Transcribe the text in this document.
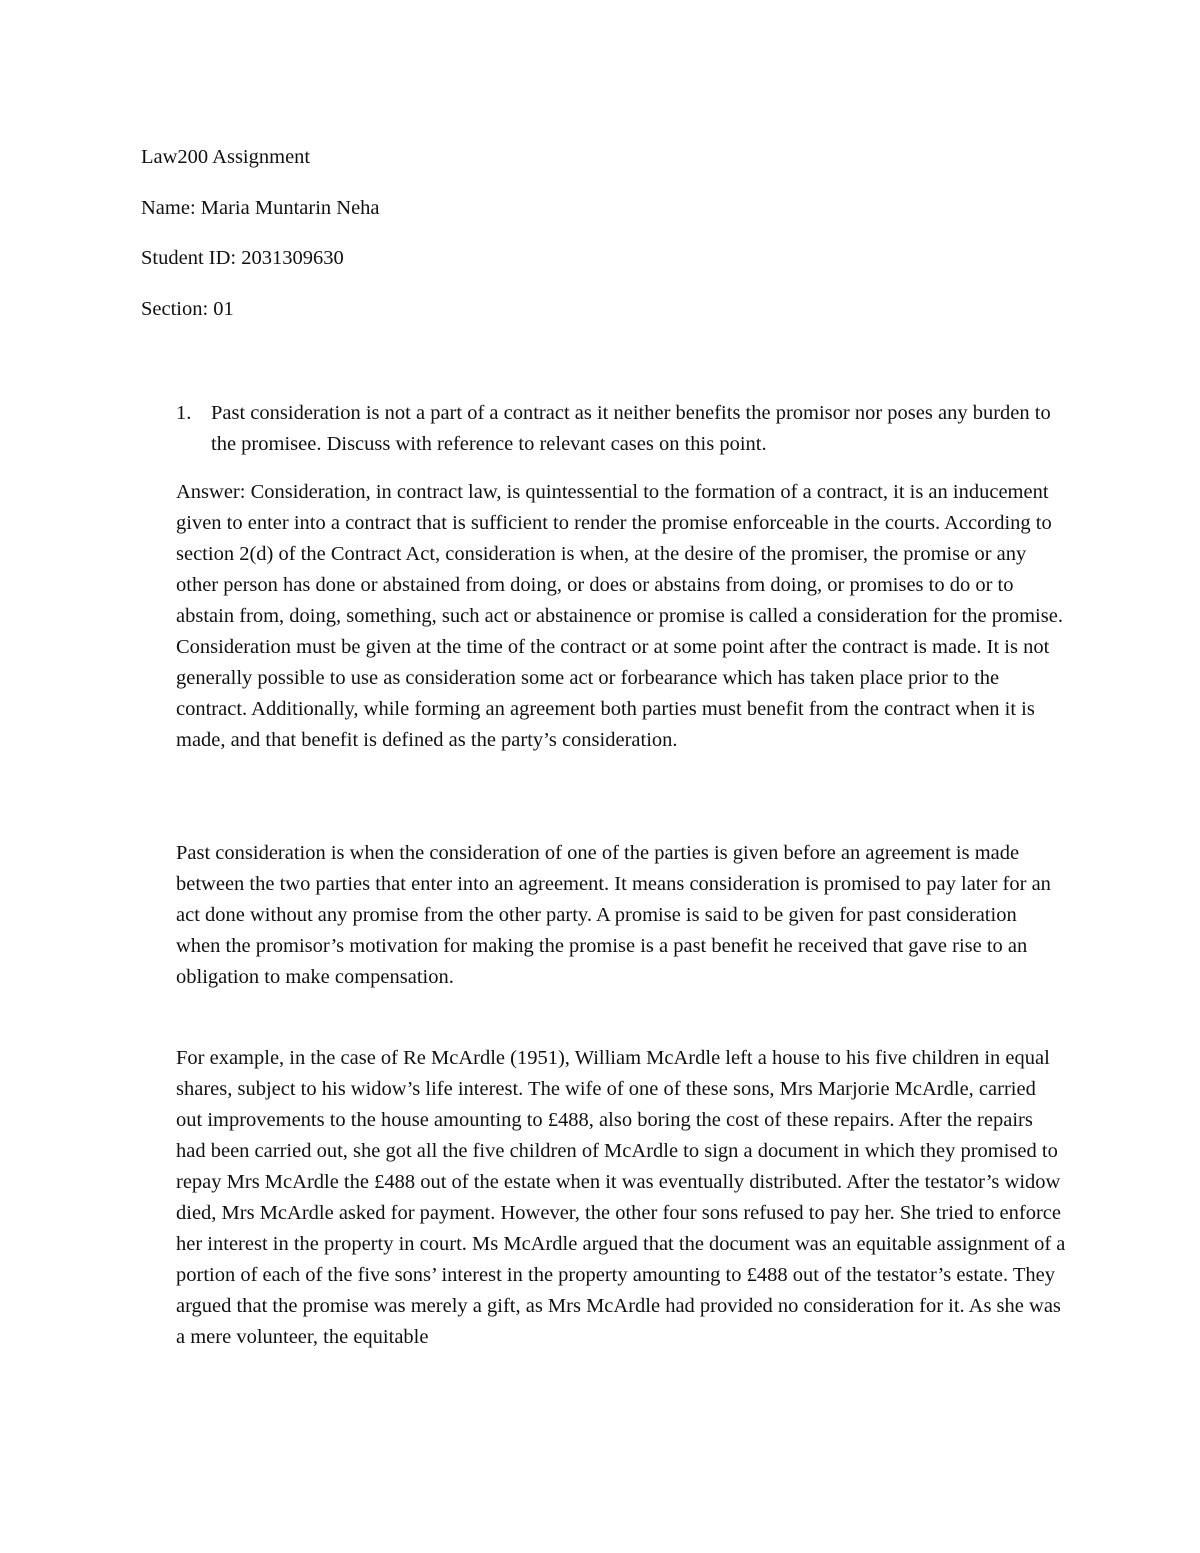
Law200 Assignment
Name: Maria Muntarin Neha
Student ID: 2031309630
Section: 01
1. Past consideration is not a part of a contract as it neither benefits the promisor nor poses any burden to the promisee. Discuss with reference to relevant cases on this point.

Answer: Consideration, in contract law, is quintessential to the formation of a contract, it is an inducement given to enter into a contract that is sufficient to render the promise enforceable in the courts. According to section 2(d) of the Contract Act, consideration is when, at the desire of the promiser, the promise or any other person has done or abstained from doing, or does or abstains from doing, or promises to do or to abstain from, doing, something, such act or abstainence or promise is called a consideration for the promise. Consideration must be given at the time of the contract or at some point after the contract is made. It is not generally possible to use as consideration some act or forbearance which has taken place prior to the contract. Additionally, while forming an agreement both parties must benefit from the contract when it is made, and that benefit is defined as the party’s consideration.

Past consideration is when the consideration of one of the parties is given before an agreement is made between the two parties that enter into an agreement. It means consideration is promised to pay later for an act done without any promise from the other party. A promise is said to be given for past consideration when the promisor’s motivation for making the promise is a past benefit he received that gave rise to an obligation to make compensation.

For example, in the case of Re McArdle (1951), William McArdle left a house to his five children in equal shares, subject to his widow’s life interest. The wife of one of these sons, Mrs Marjorie McArdle, carried out improvements to the house amounting to £488, also boring the cost of these repairs. After the repairs had been carried out, she got all the five children of McArdle to sign a document in which they promised to repay Mrs McArdle the £488 out of the estate when it was eventually distributed. After the testator’s widow died, Mrs McArdle asked for payment. However, the other four sons refused to pay her. She tried to enforce her interest in the property in court. Ms McArdle argued that the document was an equitable assignment of a portion of each of the five sons’ interest in the property amounting to £488 out of the testator’s estate. They argued that the promise was merely a gift, as Mrs McArdle had provided no consideration for it. As she was a mere volunteer, the equitable
